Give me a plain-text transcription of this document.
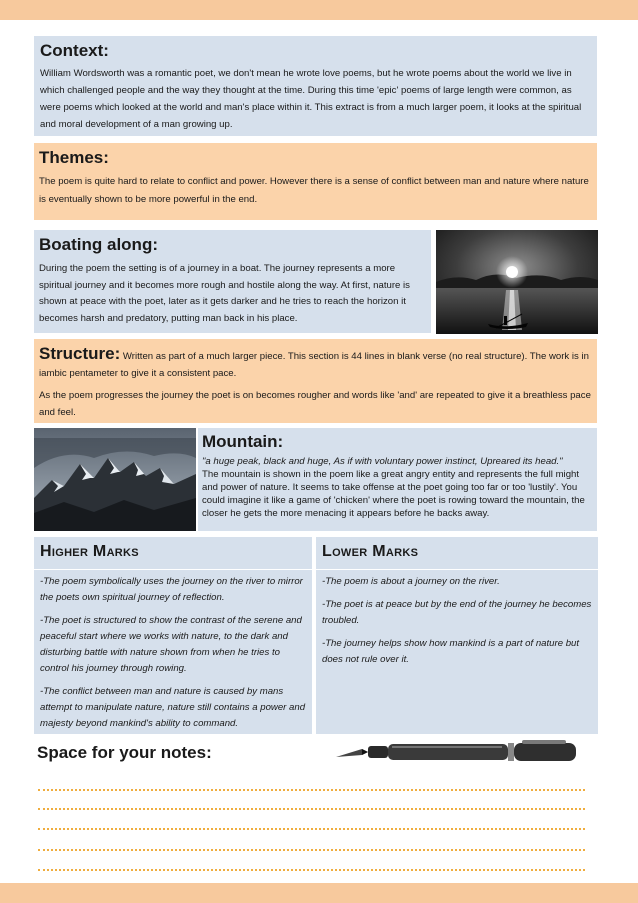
Context:

William Wordsworth was a romantic poet, we don't mean he wrote love poems, but he wrote poems about the world we live in which challenged people and the way they thought at the time. During this time 'epic' poems of large length were common, as were poems which looked at the world and man's place within it. This extract is from a much larger poem, it looks at the spiritual and moral development of a man growing up.

Themes:

The poem is quite hard to relate to conflict and power. However there is a sense of conflict between man and nature where nature is eventually shown to be more powerful in the end.

Boating along:

During the poem the setting is of a journey in a boat. The journey represents a more spiritual journey and it becomes more rough and hostile along the way. At first, nature is shown at peace with the poet, later as it gets darker and he tries to reach the horizon it becomes harsh and predatory, putting man back in his place.

Structure: Written as part of a much larger piece. This section is 44 lines in blank verse (no real structure). The work is in iambic pentameter to give it a consistent pace.

As the poem progresses the journey the poet is on becomes rougher and words like 'and' are repeated to give it a breathless pace and feel.

Mountain:

"a huge peak, black and huge, As if with voluntary power instinct, Upreared its head."

The mountain is shown in the poem like a great angry entity and represents the full might and power of nature. It seems to take offense at the poet going too far or too 'lustily'. You could imagine it like a game of 'chicken' where the poet is rowing toward the mountain, the closer he gets the more menacing it appears before he backs away.

Higher Marks

-The poem symbolically uses the journey on the river to mirror the poets own spiritual journey of reflection.

-The poet is structured to show the contrast of the serene and peaceful start where we works with nature, to the dark and disturbing battle with nature shown from when he tries to control his journey through rowing.

-The conflict between man and nature is caused by mans attempt to manipulate nature, nature still contains a power and majesty beyond mankind's ability to command.

Lower Marks

-The poem is about a journey on the river.

-The poet is at peace but by the end of the journey he becomes troubled.

-The journey helps show how mankind is a part of nature but does not rule over it.

Space for your notes:
